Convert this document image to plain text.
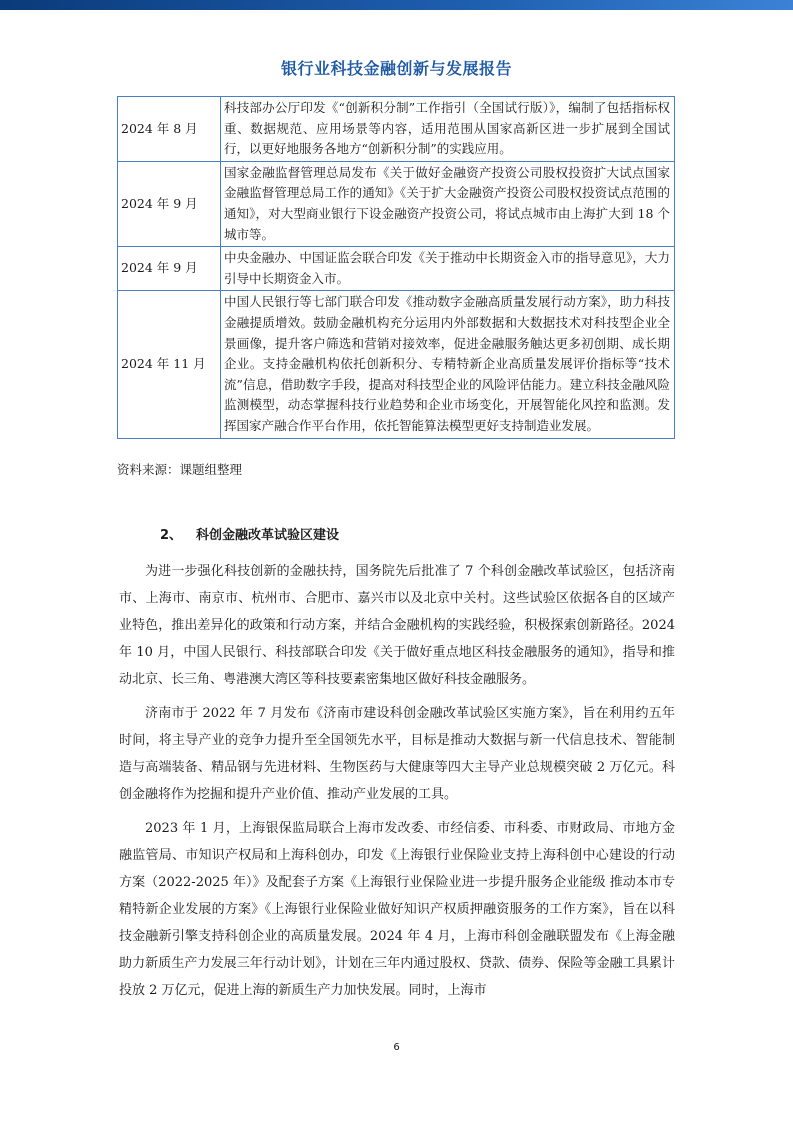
银行业科技金融创新与发展报告
2024 年 8 月	科技部办公厅印发《“创新积分制”工作指引（全国试行版）》，编制了包括指标权重、数据规范、应用场景等内容，适用范围从国家高新区进一步扩展到全国试行，以更好地服务各地方“创新积分制”的实践应用。
2024 年 9 月	国家金融监督管理总局发布《关于做好金融资产投资公司股权投资扩大试点国家金融监督管理总局工作的通知》《关于扩大金融资产投资公司股权投资试点范围的通知》，对大型商业银行下设金融资产投资公司，将试点城市由上海扩大到 18 个城市等。
2024 年 9 月	中央金融办、中国证监会联合印发《关于推动中长期资金入市的指导意见》，大力引导中长期资金入市。
2024 年 11 月	中国人民银行等七部门联合印发《推动数字金融高质量发展行动方案》，助力科技金融提质增效。鼓励金融机构充分运用内外部数据和大数据技术对科技型企业全景画像，提升客户筛选和营销对接效率，促进金融服务触达更多初创期、成长期企业。支持金融机构依托创新积分、专精特新企业高质量发展评价指标等“技术流”信息，借助数字手段，提高对科技型企业的风险评估能力。建立科技金融风险监测模型，动态掌握科技行业趋势和企业市场变化，开展智能化风控和监测。发挥国家产融合作平台作用，依托智能算法模型更好支持制造业发展。
资料来源：课题组整理
2、 科创金融改革试验区建设

为进一步强化科技创新的金融扶持，国务院先后批准了 7 个科创金融改革试验区，包括济南市、上海市、南京市、杭州市、合肥市、嘉兴市以及北京中关村。这些试验区依据各自的区域产业特色，推出差异化的政策和行动方案，并结合金融机构的实践经验，积极探索创新路径。2024 年 10 月，中国人民银行、科技部联合印发《关于做好重点地区科技金融服务的通知》，指导和推动北京、长三角、粤港澳大湾区等科技要素密集地区做好科技金融服务。

济南市于 2022 年 7 月发布《济南市建设科创金融改革试验区实施方案》，旨在利用约五年时间，将主导产业的竞争力提升至全国领先水平，目标是推动大数据与新一代信息技术、智能制造与高端装备、精品钢与先进材料、生物医药与大健康等四大主导产业总规模突破 2 万亿元。科创金融将作为挖掘和提升产业价值、推动产业发展的工具。

2023 年 1 月，上海银保监局联合上海市发改委、市经信委、市科委、市财政局、市地方金融监管局、市知识产权局和上海科创办，印发《上海银行业保险业支持上海科创中心建设的行动方案（2022-2025 年）》及配套子方案《上海银行业保险业进一步提升服务企业能级 推动本市专精特新企业发展的方案》《上海银行业保险业做好知识产权质押融资服务的工作方案》，旨在以科技金融新引擎支持科创企业的高质量发展。2024 年 4 月，上海市科创金融联盟发布《上海金融助力新质生产力发展三年行动计划》，计划在三年内通过股权、贷款、债券、保险等金融工具累计投放 2 万亿元，促进上海的新质生产力加快发展。同时，上海市

6
